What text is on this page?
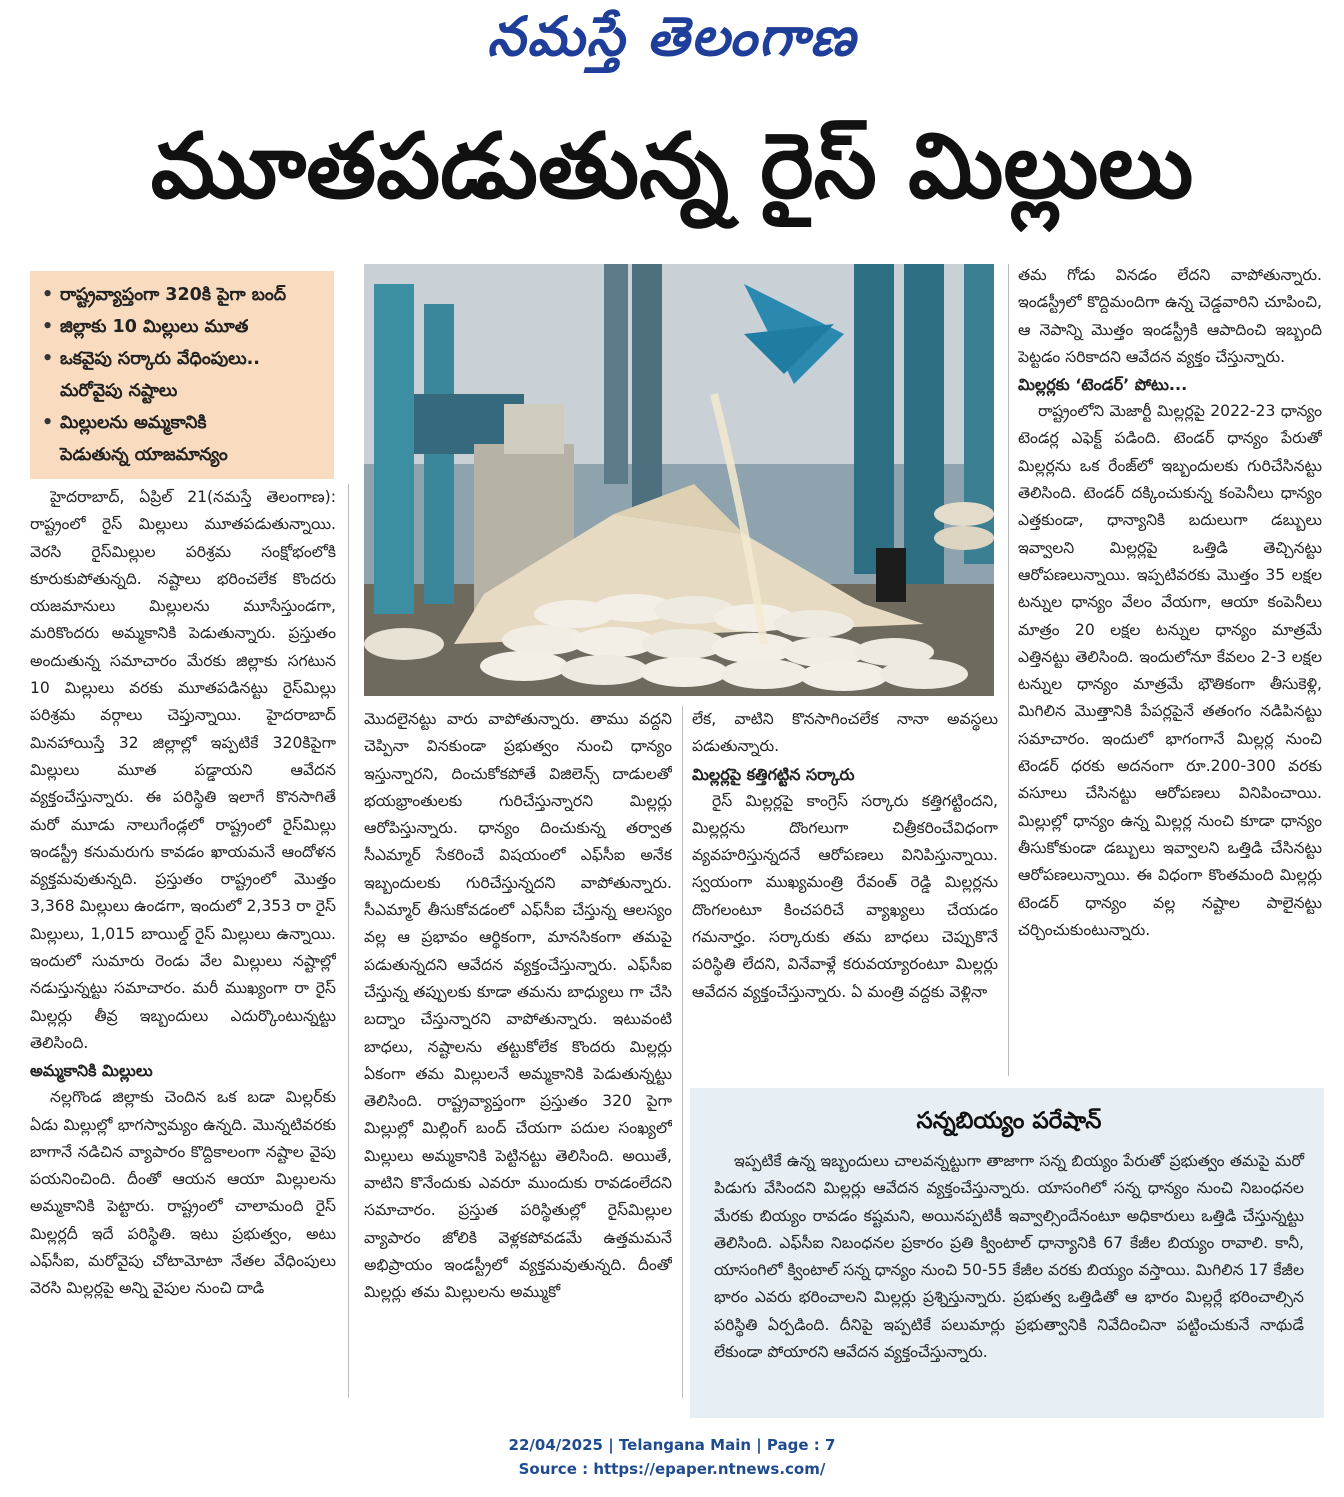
నమస్తే తెలంగాణ
మూతపడుతున్న రైస్ మిల్లులు
• రాష్ట్రవ్యాప్తంగా 320కి పైగా బంద్
• జిల్లాకు 10 మిల్లులు మూత
• ఒకవైపు సర్కారు వేధింపులు..
మరోవైపు నష్టాలు
• మిల్లులను అమ్మకానికి
పెడుతున్న యాజమాన్యం

హైదరాబాద్, ఏప్రిల్ 21(నమస్తే తెలంగాణ): రాష్ట్రంలో రైస్ మిల్లులు మూతపడుతున్నాయి. వెరసి రైస్‌మిల్లుల పరిశ్రమ సంక్షోభంలోకి కూరుకుపోతున్నది. నష్టాలు భరించలేక కొందరు యజమానులు మిల్లులను మూసేస్తుండగా, మరికొందరు అమ్మకానికి పెడుతున్నారు. ప్రస్తుతం అందుతున్న సమాచారం మేరకు జిల్లాకు సగటున 10 మిల్లులు వరకు మూతపడినట్టు రైస్‌మిల్లు పరిశ్రమ వర్గాలు చెప్తున్నాయి. హైదరాబాద్ మినహాయిస్తే 32 జిల్లాల్లో ఇప్పటికే 320కిపైగా మిల్లులు మూత పడ్డాయని ఆవేదన వ్యక్తంచేస్తున్నారు. ఈ పరిస్థితి ఇలాగే కొనసాగితే మరో మూడు నాలుగేండ్లలో రాష్ట్రంలో రైస్‌మిల్లు ఇండస్ట్రీ కనుమరుగు కావడం ఖాయమనే ఆందోళన వ్యక్తమవుతున్నది. ప్రస్తుతం రాష్ట్రంలో మొత్తం 3,368 మిల్లులు ఉండగా, ఇందులో 2,353 రా రైస్ మిల్లులు, 1,015 బాయిల్డ్ రైస్ మిల్లులు ఉన్నాయి. ఇందులో సుమారు రెండు వేల మిల్లులు నష్టాల్లో నడుస్తున్నట్టు సమాచారం. మరీ ముఖ్యంగా రా రైస్ మిల్లర్లు తీవ్ర ఇబ్బందులు ఎదుర్కొంటున్నట్టు తెలిసింది.

అమ్మకానికి మిల్లులు

నల్లగొండ జిల్లాకు చెందిన ఒక బడా మిల్లర్‌కు ఏడు మిల్లుల్లో భాగస్వామ్యం ఉన్నది. మొన్నటివరకు బాగానే నడిచిన వ్యాపారం కొద్దికాలంగా నష్టాల వైపు పయనించింది. దీంతో ఆయన ఆయా మిల్లులను అమ్మకానికి పెట్టారు. రాష్ట్రంలో చాలామంది రైస్ మిల్లర్లదీ ఇదే పరిస్థితి. ఇటు ప్రభుత్వం, అటు ఎఫ్‌సీఐ, మరోవైపు చోటామోటా నేతల వేధింపులు వెరసి మిల్లర్లపై అన్ని వైపుల నుంచి దాడి

మొదలైనట్టు వారు వాపోతున్నారు. తాము వద్దని చెప్పినా వినకుండా ప్రభుత్వం నుంచి ధాన్యం ఇస్తున్నారని, దించుకోకపోతే విజిలెన్స్ దాడులతో భయభ్రాంతులకు గురిచేస్తున్నారని మిల్లర్లు ఆరోపిస్తున్నారు. ధాన్యం దించుకున్న తర్వాత సీఎమ్మార్ సేకరించే విషయంలో ఎఫ్‌సీఐ అనేక ఇబ్బందులకు గురిచేస్తున్నదని వాపోతున్నారు. సీఎమ్మార్ తీసుకోవడంలో ఎఫ్‌సీఐ చేస్తున్న ఆలస్యం వల్ల ఆ ప్రభావం ఆర్థికంగా, మానసికంగా తమపై పడుతున్నదని ఆవేదన వ్యక్తంచేస్తున్నారు. ఎఫ్‌సీఐ చేస్తున్న తప్పులకు కూడా తమను బాధ్యులు గా చేసి బద్నాం చేస్తున్నారని వాపోతున్నారు. ఇటువంటి బాధలు, నష్టాలను తట్టుకోలేక కొందరు మిల్లర్లు ఏకంగా తమ మిల్లులనే అమ్మకానికి పెడుతున్నట్టు తెలిసింది. రాష్ట్రవ్యాప్తంగా ప్రస్తుతం 320 పైగా మిల్లుల్లో మిల్లింగ్ బంద్ చేయగా పదుల సంఖ్యలో మిల్లులు అమ్మకానికి పెట్టినట్టు తెలిసింది. అయితే, వాటిని కొనేందుకు ఎవరూ ముందుకు రావడంలేదని సమాచారం. ప్రస్తుత పరిస్థితుల్లో రైస్‌మిల్లుల వ్యాపారం జోలికి వెళ్లకపోవడమే ఉత్తమమనే అభిప్రాయం ఇండస్ట్రీలో వ్యక్తమవుతున్నది. దీంతో మిల్లర్లు తమ మిల్లులను అమ్ముకో

లేక, వాటిని కొనసాగించలేక నానా అవస్థలు పడుతున్నారు.

మిల్లర్లపై కత్తిగట్టిన సర్కారు

రైస్ మిల్లర్లపై కాంగ్రెస్ సర్కారు కత్తిగట్టిందని, మిల్లర్లను దొంగలుగా చిత్రీకరించేవిధంగా వ్యవహరిస్తున్నదనే ఆరోపణలు వినిపిస్తున్నాయి. స్వయంగా ముఖ్యమంత్రి రేవంత్ రెడ్డి మిల్లర్లను దొంగలంటూ కించపరిచే వ్యాఖ్యలు చేయడం గమనార్హం. సర్కారుకు తమ బాధలు చెప్పుకొనే పరిస్థితి లేదని, వినేవాళ్లే కరువయ్యారంటూ మిల్లర్లు ఆవేదన వ్యక్తంచేస్తున్నారు. ఏ మంత్రి వద్దకు వెళ్లినా

తమ గోడు వినడం లేదని వాపోతున్నారు. ఇండస్ట్రీలో కొద్దిమందిగా ఉన్న చెడ్డవారిని చూపించి, ఆ నెపాన్ని మొత్తం ఇండస్ట్రీకి ఆపాదించి ఇబ్బంది పెట్టడం సరికాదని ఆవేదన వ్యక్తం చేస్తున్నారు.

మిల్లర్లకు ‘టెండర్’ పోటు...

రాష్ట్రంలోని మెజార్టీ మిల్లర్లపై 2022-23 ధాన్యం టెండర్ల ఎఫెక్ట్ పడింది. టెండర్ ధాన్యం పేరుతో మిల్లర్లను ఒక రేంజ్‌లో ఇబ్బందులకు గురిచేసినట్టు తెలిసింది. టెండర్ దక్కించుకున్న కంపెనీలు ధాన్యం ఎత్తకుండా, ధాన్యానికి బదులుగా డబ్బులు ఇవ్వాలని మిల్లర్లపై ఒత్తిడి తెచ్చినట్టు ఆరోపణలున్నాయి. ఇప్పటివరకు మొత్తం 35 లక్షల టన్నుల ధాన్యం వేలం వేయగా, ఆయా కంపెనీలు మాత్రం 20 లక్షల టన్నుల ధాన్యం మాత్రమే ఎత్తినట్టు తెలిసింది. ఇందులోనూ కేవలం 2-3 లక్షల టన్నుల ధాన్యం మాత్రమే భౌతికంగా తీసుకెళ్లి, మిగిలిన మొత్తానికి పేపర్లపైనే తతంగం నడిపినట్టు సమాచారం. ఇందులో భాగంగానే మిల్లర్ల నుంచి టెండర్ ధరకు అదనంగా రూ.200-300 వరకు వసూలు చేసినట్టు ఆరోపణలు వినిపించాయి. మిల్లుల్లో ధాన్యం ఉన్న మిల్లర్ల నుంచి కూడా ధాన్యం తీసుకోకుండా డబ్బులు ఇవ్వాలని ఒత్తిడి చేసినట్టు ఆరోపణలున్నాయి. ఈ విధంగా కొంతమంది మిల్లర్లు టెండర్ ధాన్యం వల్ల నష్టాల పాలైనట్టు చర్చించుకుంటున్నారు.

సన్నబియ్యం పరేషాన్
ఇప్పటికే ఉన్న ఇబ్బందులు చాలవన్నట్టుగా తాజాగా సన్న బియ్యం పేరుతో ప్రభుత్వం తమపై మరో పిడుగు వేసిందని మిల్లర్లు ఆవేదన వ్యక్తంచేస్తున్నారు. యాసంగిలో సన్న ధాన్యం నుంచి నిబంధనల మేరకు బియ్యం రావడం కష్టమని, అయినప్పటికీ ఇవ్వాల్సిందేనంటూ అధికారులు ఒత్తిడి చేస్తున్నట్టు తెలిసింది. ఎఫ్‌సీఐ నిబంధనల ప్రకారం ప్రతి క్వింటాల్ ధాన్యానికి 67 కేజీల బియ్యం రావాలి. కానీ, యాసంగిలో క్వింటాల్ సన్న ధాన్యం నుంచి 50-55 కేజీల వరకు బియ్యం వస్తాయి. మిగిలిన 17 కేజీల భారం ఎవరు భరించాలని మిల్లర్లు ప్రశ్నిస్తున్నారు. ప్రభుత్వ ఒత్తిడితో ఆ భారం మిల్లర్లే భరించాల్సిన పరిస్థితి ఏర్పడింది. దీనిపై ఇప్పటికే పలుమార్లు ప్రభుత్వానికి నివేదించినా పట్టించుకునే నాథుడే లేకుండా పోయారని ఆవేదన వ్యక్తంచేస్తున్నారు.
22/04/2025 | Telangana Main | Page : 7
Source : https://epaper.ntnews.com/
